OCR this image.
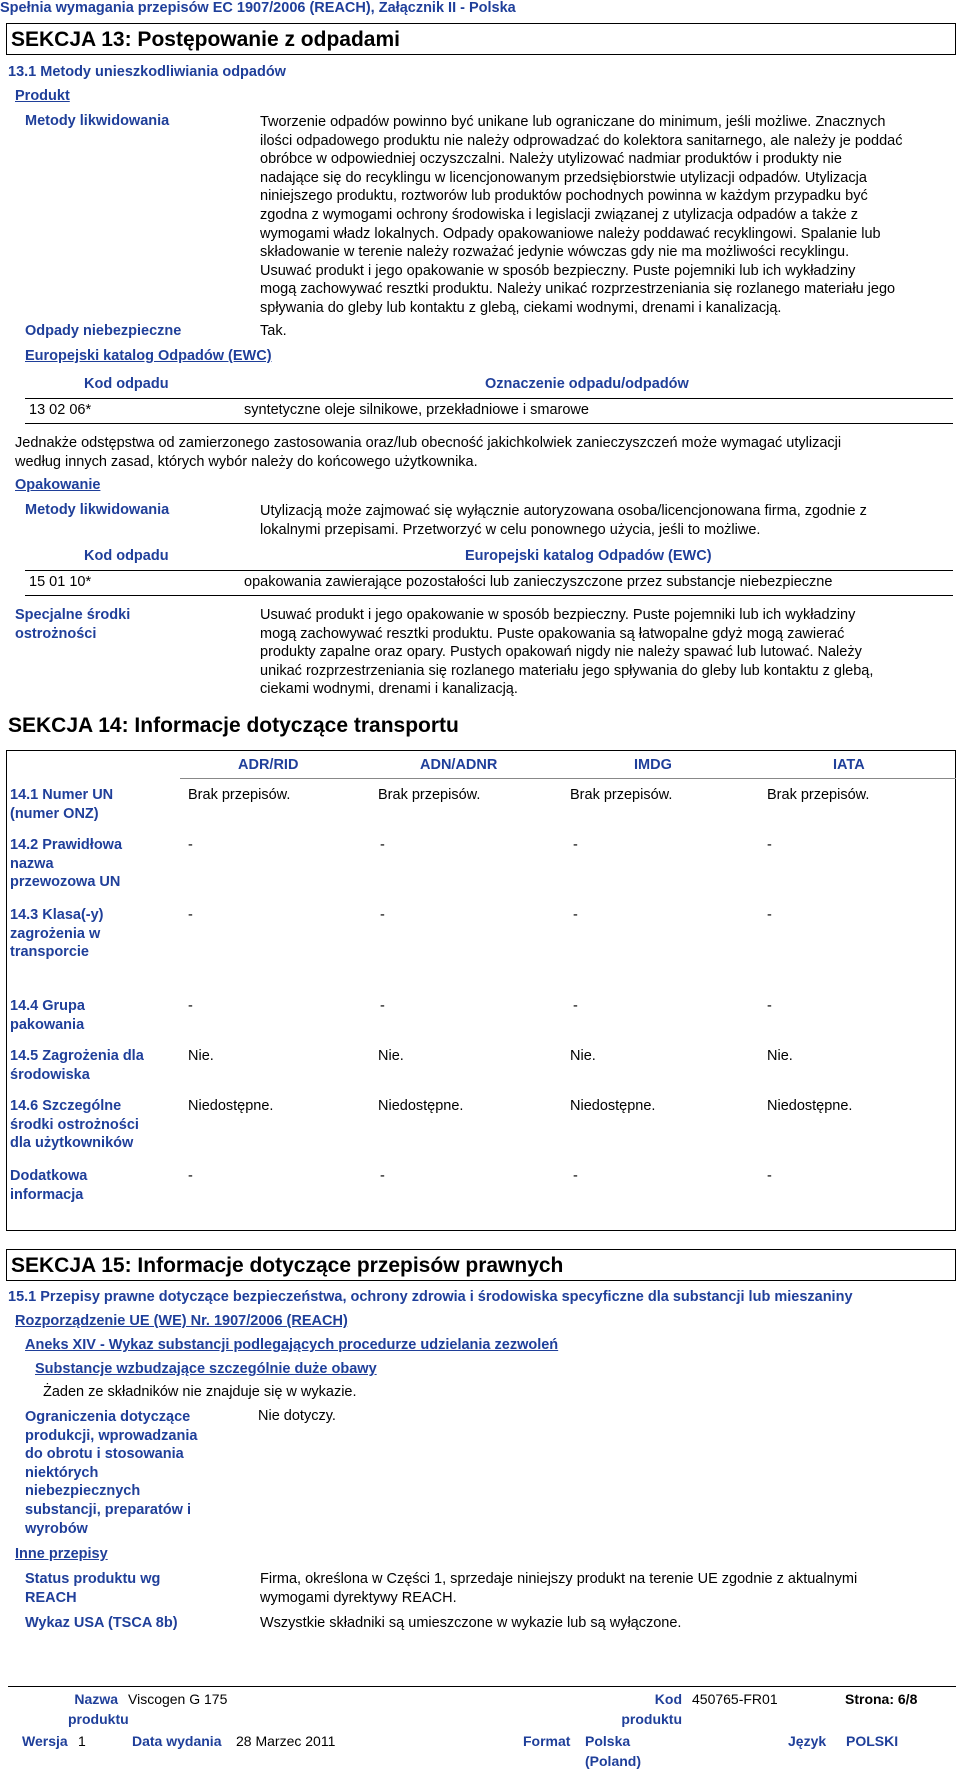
Spełnia wymagania przepisów EC 1907/2006 (REACH), Załącznik II - Polska
SEKCJA 13: Postępowanie z odpadami
13.1 Metody unieszkodliwiania odpadów
Produkt
Metody likwidowania	Tworzenie odpadów powinno być unikane lub ograniczane do minimum, jeśli możliwe. Znacznych
ilości odpadowego produktu nie należy odprowadzać do kolektora sanitarnego, ale należy je poddać
obróbce w odpowiedniej oczyszczalni. Należy utylizować nadmiar produktów i produkty nie
nadające się do recyklingu w licencjonowanym przedsiębiorstwie utylizacji odpadów. Utylizacja
niniejszego produktu, roztworów lub produktów pochodnych powinna w każdym przypadku być
zgodna z wymogami ochrony środowiska i legislacji związanej z utylizacja odpadów a także z
wymogami władz lokalnych. Odpady opakowaniowe należy poddawać recyklingowi. Spalanie lub
składowanie w terenie należy rozważać jedynie wówczas gdy nie ma możliwości recyklingu.
Usuwać produkt i jego opakowanie w sposób bezpieczny. Puste pojemniki lub ich wykładziny
mogą zachowywać resztki produktu. Należy unikać rozprzestrzeniania się rozlanego materiału jego
spływania do gleby lub kontaktu z glebą, ciekami wodnymi, drenami i kanalizacją.
Odpady niebezpieczne	Tak.
Europejski katalog Odpadów (EWC)
Kod odpadu	Oznaczenie odpadu/odpadów
13 02 06*	syntetyczne oleje silnikowe, przekładniowe i smarowe
Jednakże odstępstwa od zamierzonego zastosowania oraz/lub obecność jakichkolwiek zanieczyszczeń może wymagać utylizacji
według innych zasad, których wybór należy do końcowego użytkownika.
Opakowanie
Metody likwidowania	Utylizacją może zajmować się wyłącznie autoryzowana osoba/licencjonowana firma, zgodnie z
lokalnymi przepisami. Przetworzyć w celu ponownego użycia, jeśli to możliwe.
Kod odpadu	Europejski katalog Odpadów (EWC)
15 01 10*	opakowania zawierające pozostałości lub zanieczyszczone przez substancje niebezpieczne
Specjalne środki
ostrożności
Usuwać produkt i jego opakowanie w sposób bezpieczny. Puste pojemniki lub ich wykładziny
mogą zachowywać resztki produktu. Puste opakowania są łatwopalne gdyż mogą zawierać
produkty zapalne oraz opary. Pustych opakowań nigdy nie należy spawać lub lutować. Należy
unikać rozprzestrzeniania się rozlanego materiału jego spływania do gleby lub kontaktu z glebą,
ciekami wodnymi, drenami i kanalizacją.
SEKCJA 14: Informacje dotyczące transportu
ADR/RID	ADN/ADNR	IMDG	IATA
14.1 Numer UN
(numer ONZ)
Brak przepisów.	Brak przepisów.	Brak przepisów.	Brak przepisów.
14.2 Prawidłowa
nazwa
przewozowa UN
-	-	-	-
14.3 Klasa(-y)
zagrożenia w
transporcie
-	-	-	-
14.4 Grupa
pakowania
-	-	-	-
14.5 Zagrożenia dla
środowiska
Nie.	Nie.	Nie.	Nie.
14.6 Szczególne
środki ostrożności
dla użytkowników
Niedostępne.	Niedostępne.	Niedostępne.	Niedostępne.
Dodatkowa
informacja
-	-	-	-
SEKCJA 15: Informacje dotyczące przepisów prawnych
15.1 Przepisy prawne dotyczące bezpieczeństwa, ochrony zdrowia i środowiska specyficzne dla substancji lub mieszaniny
Rozporządzenie UE (WE) Nr. 1907/2006 (REACH)
Aneks XIV - Wykaz substancji podlegających procedurze udzielania zezwoleń
Substancje wzbudzające szczególnie duże obawy
Żaden ze składników nie znajduje się w wykazie.
Ograniczenia dotyczące
produkcji, wprowadzania
do obrotu i stosowania
niektórych
niebezpiecznych
substancji, preparatów i
wyrobów
Nie dotyczy.
Inne przepisy
Status produktu wg
REACH
Firma, określona w Części 1, sprzedaje niniejszy produkt na terenie UE zgodnie z aktualnymi
wymogami dyrektywy REACH.
Wykaz USA (TSCA 8b)	Wszystkie składniki są umieszczone w wykazie lub są wyłączone.
Nazwa
produktu
Viscogen G 175	Kod
produktu
450765-FR01	Strona: 6/8
Wersja 1	Data wydania 28 Marzec 2011	Format Polska
(Poland)
Język POLSKI
